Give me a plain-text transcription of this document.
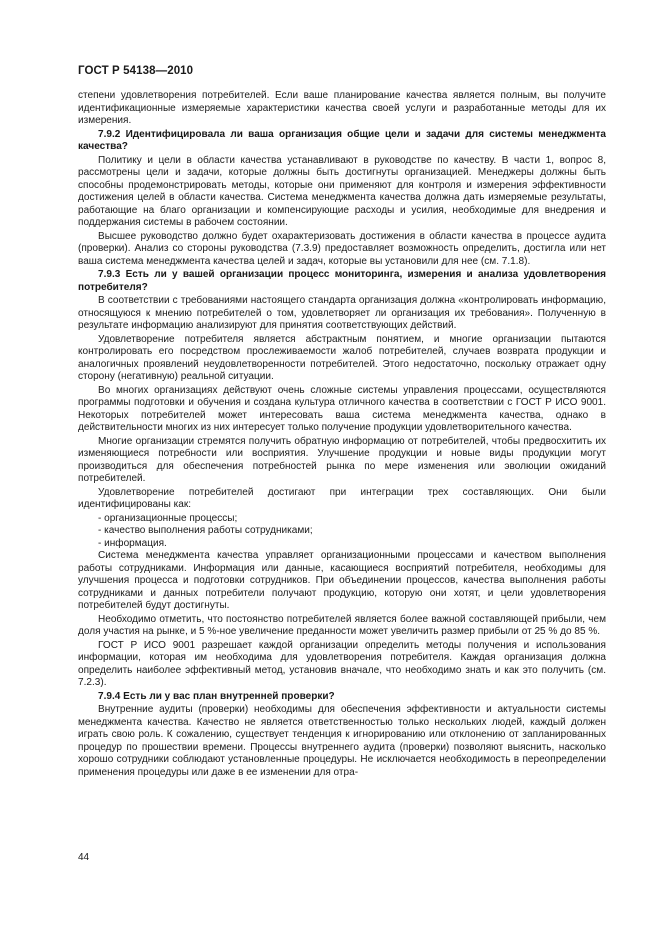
ГОСТ Р 54138—2010

степени удовлетворения потребителей. Если ваше планирование качества является полным, вы получите идентификационные измеряемые характеристики качества своей услуги и разработанные методы для их измерения.

7.9.2 Идентифицировала ли ваша организация общие цели и задачи для системы менеджмента качества?

Политику и цели в области качества устанавливают в руководстве по качеству. В части 1, вопрос 8, рассмотрены цели и задачи, которые должны быть достигнуты организацией. Менеджеры должны быть способны продемонстрировать методы, которые они применяют для контроля и измерения эффективности достижения целей в области качества. Система менеджмента качества должна дать измеряемые результаты, работающие на благо организации и компенсирующие расходы и усилия, необходимые для внедрения и поддержания системы в рабочем состоянии.

Высшее руководство должно будет охарактеризовать достижения в области качества в процессе аудита (проверки). Анализ со стороны руководства (7.3.9) предоставляет возможность определить, достигла или нет ваша система менеджмента качества целей и задач, которые вы установили для нее (см. 7.1.8).

7.9.3 Есть ли у вашей организации процесс мониторинга, измерения и анализа удовлетворения потребителя?

В соответствии с требованиями настоящего стандарта организация должна «контролировать информацию, относящуюся к мнению потребителей о том, удовлетворяет ли организация их требования». Полученную в результате информацию анализируют для принятия соответствующих действий.

Удовлетворение потребителя является абстрактным понятием, и многие организации пытаются контролировать его посредством прослеживаемости жалоб потребителей, случаев возврата продукции и аналогичных проявлений неудовлетворенности потребителей. Этого недостаточно, поскольку отражает одну сторону (негативную) реальной ситуации.

Во многих организациях действуют очень сложные системы управления процессами, осуществляются программы подготовки и обучения и создана культура отличного качества в соответствии с ГОСТ Р ИСО 9001. Некоторых потребителей может интересовать ваша система менеджмента качества, однако в действительности многих из них интересует только получение продукции удовлетворительного качества.

Многие организации стремятся получить обратную информацию от потребителей, чтобы предвосхитить их изменяющиеся потребности или восприятия. Улучшение продукции и новые виды продукции могут производиться для обеспечения потребностей рынка по мере изменения или эволюции ожиданий потребителей.

Удовлетворение потребителей достигают при интеграции трех составляющих. Они были идентифицированы как:

- организационные процессы;
- качество выполнения работы сотрудниками;
- информация.

Система менеджмента качества управляет организационными процессами и качеством выполнения работы сотрудниками. Информация или данные, касающиеся восприятий потребителя, необходимы для улучшения процесса и подготовки сотрудников. При объединении процессов, качества выполнения работы сотрудниками и данных потребители получают продукцию, которую они хотят, и цели удовлетворения потребителей будут достигнуты.

Необходимо отметить, что постоянство потребителей является более важной составляющей прибыли, чем доля участия на рынке, и 5 %-ное увеличение преданности может увеличить размер прибыли от 25 % до 85 %.

ГОСТ Р ИСО 9001 разрешает каждой организации определить методы получения и использования информации, которая им необходима для удовлетворения потребителя. Каждая организация должна определить наиболее эффективный метод, установив вначале, что необходимо знать и как это получить (см. 7.2.3).

7.9.4 Есть ли у вас план внутренней проверки?

Внутренние аудиты (проверки) необходимы для обеспечения эффективности и актуальности системы менеджмента качества. Качество не является ответственностью только нескольких людей, каждый должен играть свою роль. К сожалению, существует тенденция к игнорированию или отклонению от запланированных процедур по прошествии времени. Процессы внутреннего аудита (проверки) позволяют выяснить, насколько хорошо сотрудники соблюдают установленные процедуры. Не исключается необходимость в переопределении применения процедуры или даже в ее изменении для отра-

44
